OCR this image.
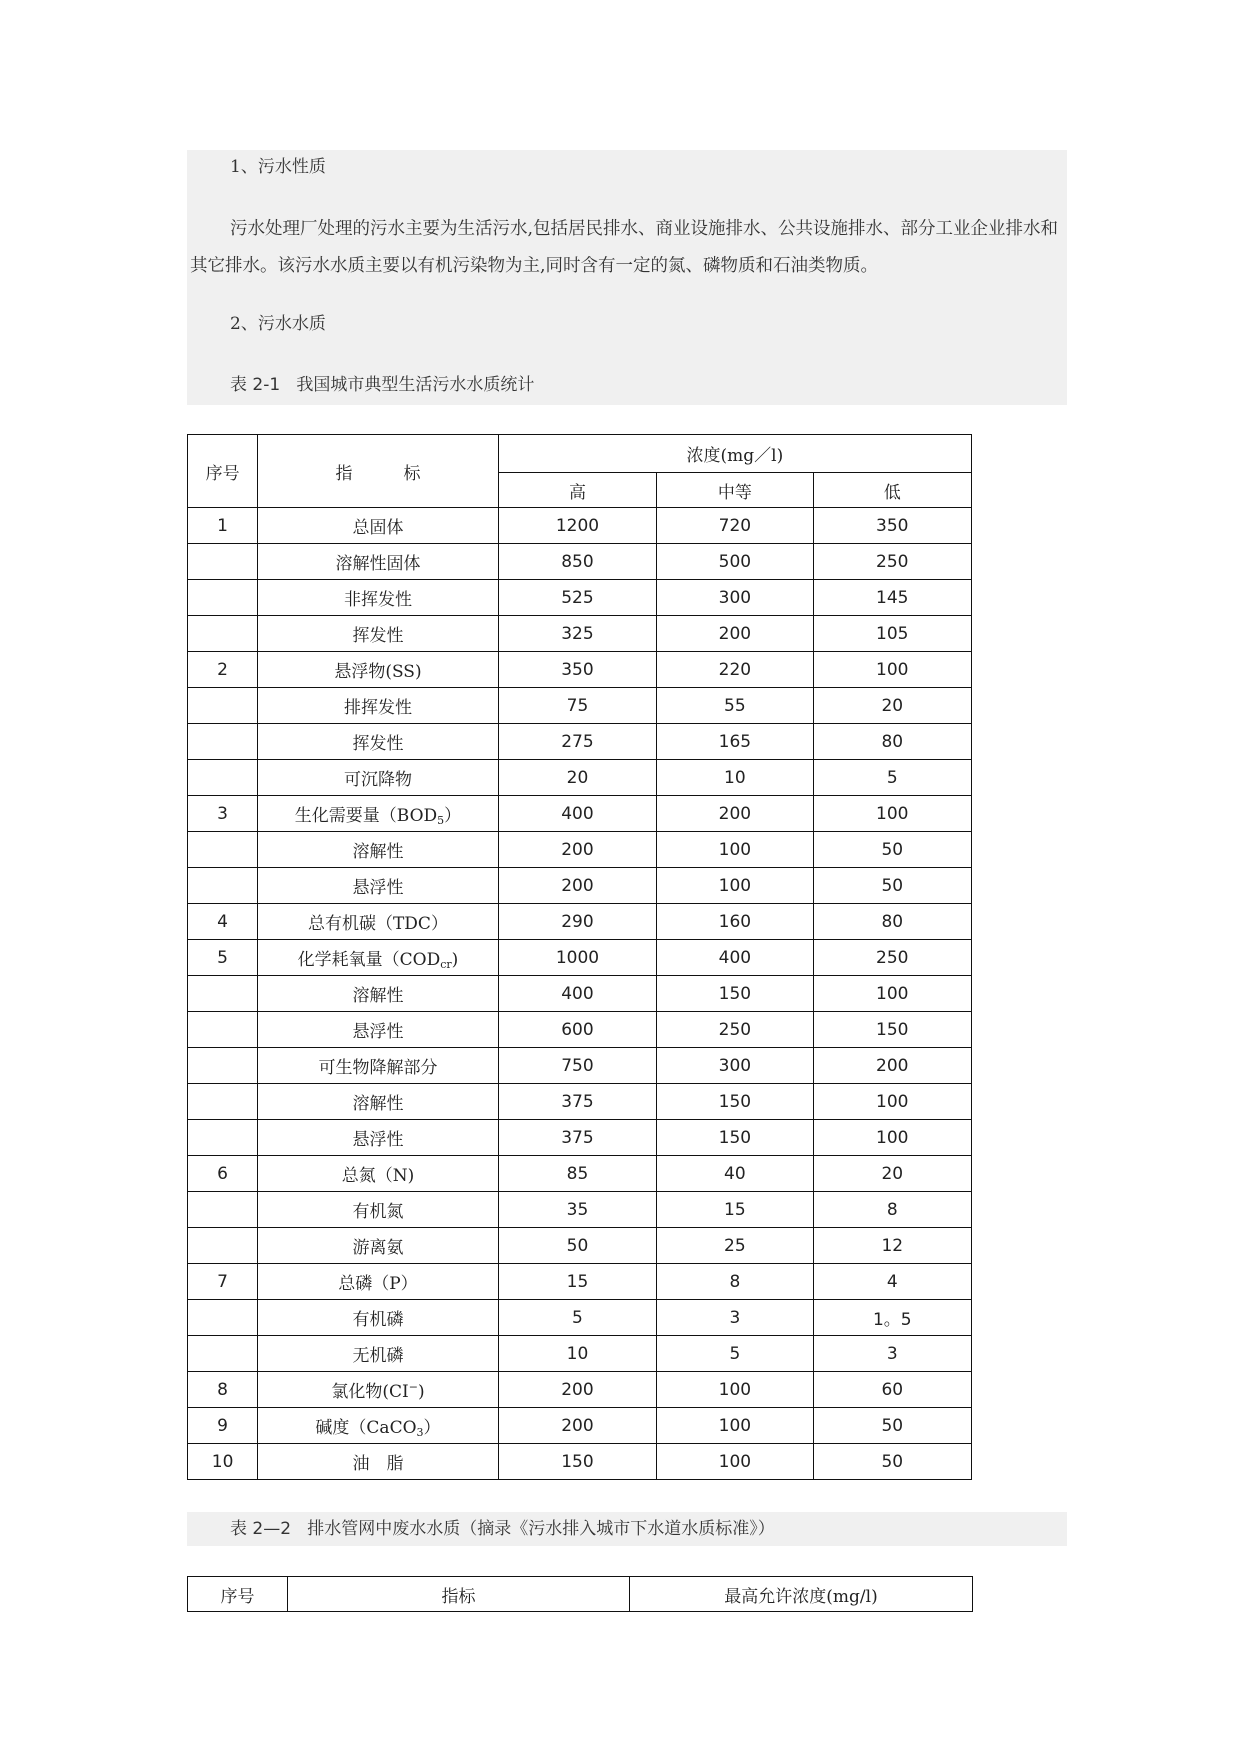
1、污水性质
污水处理厂处理的污水主要为生活污水,包括居民排水、商业设施排水、公共设施排水、部分工业企业排水和其它排水。该污水水质主要以有机污染物为主,同时含有一定的氮、磷物质和石油类物质。
2、污水水质
表 2-1 我国城市典型生活污水水质统计
序号	指　　　标	浓度(mg／l)		
		高	中等	低
1	总固体	1200	720	350
	溶解性固体	850	500	250
	非挥发性	525	300	145
	挥发性	325	200	105
2	悬浮物(SS)	350	220	100
	排挥发性	75	55	20
	挥发性	275	165	80
	可沉降物	20	10	5
3	生化需要量$(BOD_5)$	400	200	100
	溶解性	200	100	50
	悬浮性	200	100	50
4	总有机碳（TDC）	290	160	80
5	化学耗氧量$(COD_{cr})$	1000	400	250
	溶解性	400	150	100
	悬浮性	600	250	150
	可生物降解部分	750	300	200
	溶解性	375	150	100
	悬浮性	375	150	100
6	总氮（N)	85	40	20
	有机氮	35	15	8
	游离氨	50	25	12
7	总磷（P）	15	8	4
	有机磷	5	3	1。5
	无机磷	10	5	3
8	氯化物(CI−)	200	100	60
9	碱度（CaCO$_3$）	200	100	50
10	油　脂	150	100	50
表 2—2 排水管网中废水水质（摘录《污水排入城市下水道水质标准》）
序号	指标	最高允许浓度(mg/l)
